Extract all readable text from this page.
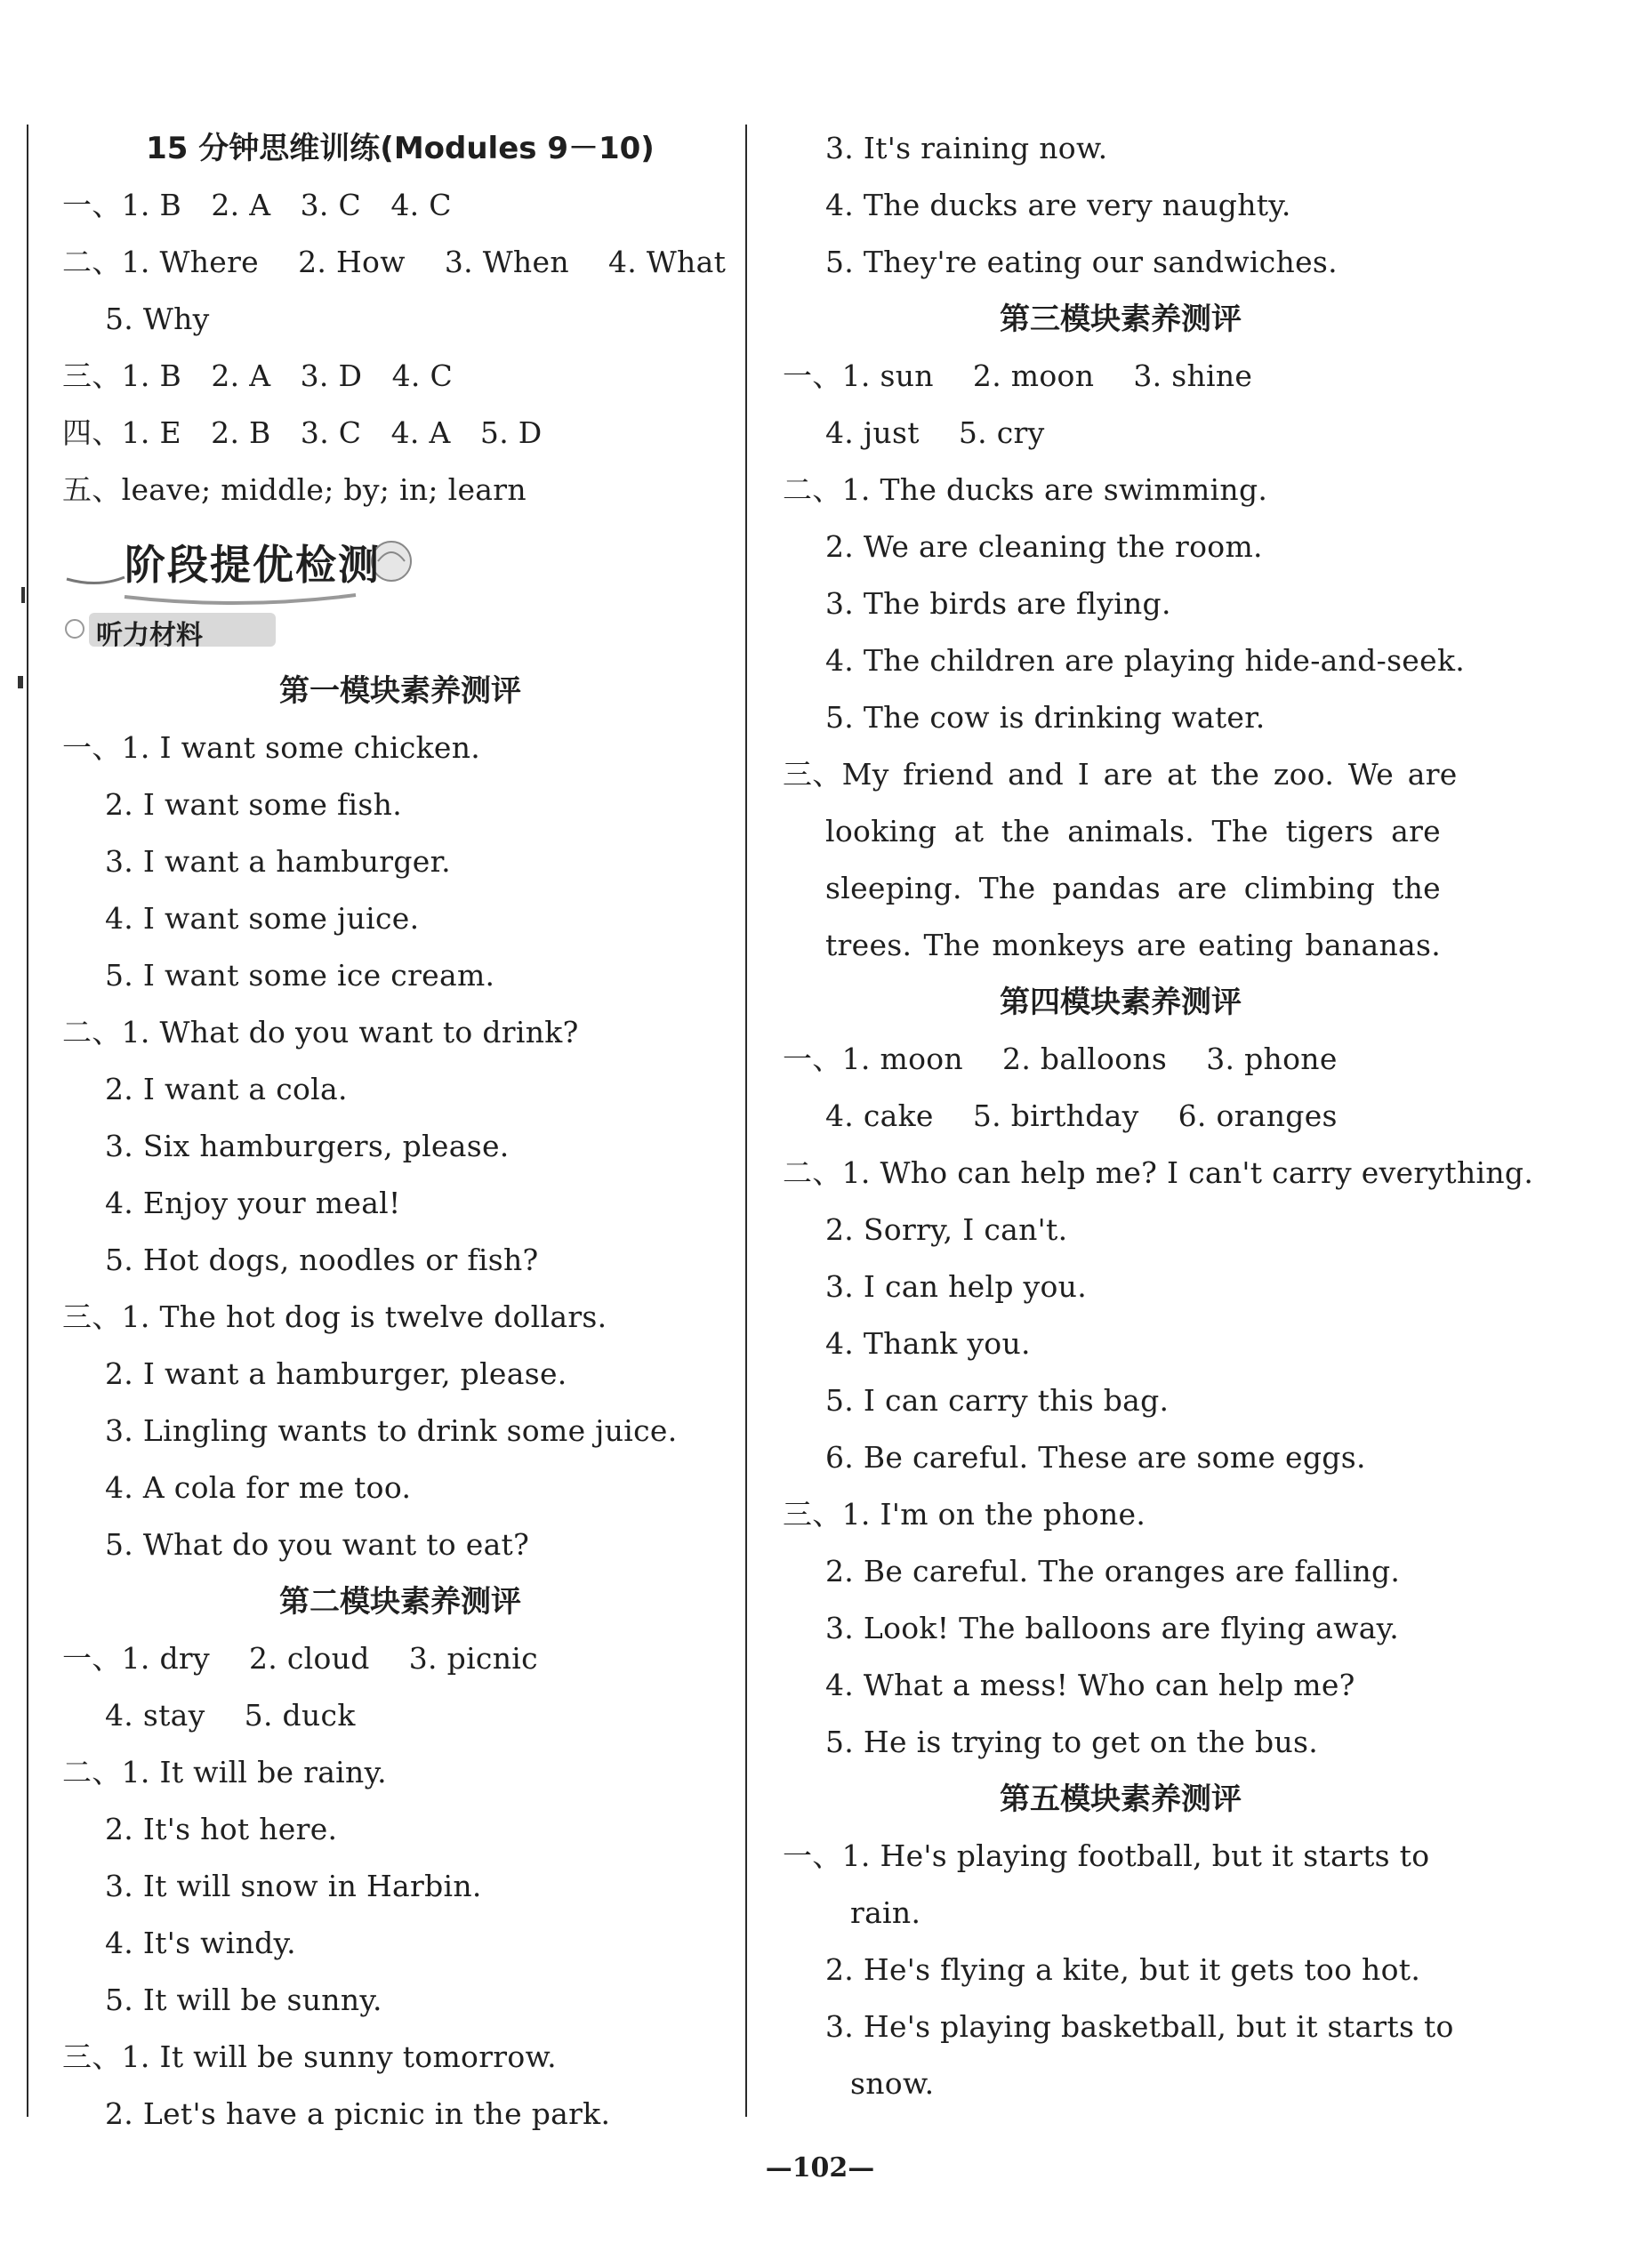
15 分钟思维训练(Modules 9－10)
一、1. B　2. A　3. C　4. C
二、1. Where　 2. How　 3. When　 4. What
5. Why
三、1. B　2. A　3. D　4. C
四、1. E　2. B　3. C　4. A　5. D
五、leave; middle; by; in; learn
阶段提优检测
听力材料
第一模块素养测评
一、1. I want some chicken.
2. I want some fish.
3. I want a hamburger.
4. I want some juice.
5. I want some ice cream.
二、1. What do you want to drink?
2. I want a cola.
3. Six hamburgers, please.
4. Enjoy your meal!
5. Hot dogs, noodles or fish?
三、1. The hot dog is twelve dollars.
2. I want a hamburger, please.
3. Lingling wants to drink some juice.
4. A cola for me too.
5. What do you want to eat?
第二模块素养测评
一、1. dry　 2. cloud　 3. picnic
4. stay　 5. duck
二、1. It will be rainy.
2. It's hot here.
3. It will snow in Harbin.
4. It's windy.
5. It will be sunny.
三、1. It will be sunny tomorrow.
2. Let's have a picnic in the park.
3. It's raining now.
4. The ducks are very naughty.
5. They're eating our sandwiches.
第三模块素养测评
一、1. sun　 2. moon　 3. shine
4. just　 5. cry
二、1. The ducks are swimming.
2. We are cleaning the room.
3. The birds are flying.
4. The children are playing hide-and-seek.
5. The cow is drinking water.
三、My friend and I are at the zoo. We are
looking at the animals. The tigers are
sleeping. The pandas are climbing the
trees. The monkeys are eating bananas.
第四模块素养测评
一、1. moon　 2. balloons　 3. phone
4. cake　 5. birthday　 6. oranges
二、1. Who can help me? I can't carry everything.
2. Sorry, I can't.
3. I can help you.
4. Thank you.
5. I can carry this bag.
6. Be careful. These are some eggs.
三、1. I'm on the phone.
2. Be careful. The oranges are falling.
3. Look! The balloons are flying away.
4. What a mess! Who can help me?
5. He is trying to get on the bus.
第五模块素养测评
一、1. He's playing football, but it starts to
rain.
2. He's flying a kite, but it gets too hot.
3. He's playing basketball, but it starts to
snow.
—102—
